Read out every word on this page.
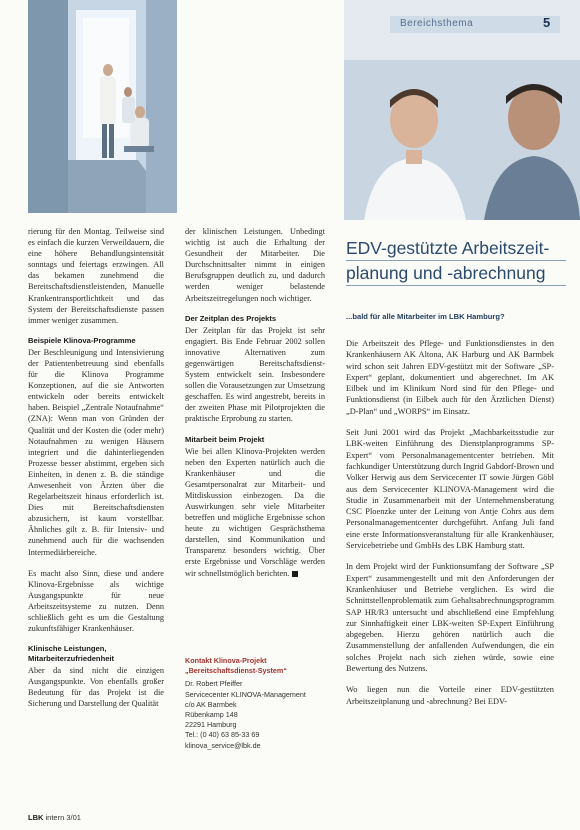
Bereichsthema	5

rierung für den Montag. Teilweise sind es einfach die kurzen Verweildauern, die eine höhere Behandlungsintensität sonntags und feiertags erzwingen. All das bekamen zunehmend die Bereitschaftsdienstleistenden, Manuelle Krankentransportlichtkeit und das System der Bereitschaftsdienste passen immer weniger zusammen.

Beispiele Klinova-Programme

Der Beschleunigung und Intensivierung der Patientenbetreuung sind ebenfalls für die Klinova Programme Konzeptionen, auf die sie Antworten entwickeln oder bereits entwickelt haben. Beispiel „Zentrale Notaufnahme“ (ZNA): Wenn man von Gründen der Qualität und der Kosten die (oder mehr) Notaufnahmen zu wenigen Häusern integriert und die dahinterliegenden Prozesse besser abstimmt, ergeben sich Einheiten, in denen z. B. die ständige Anwesenheit von Ärzten über die Regelarbeitszeit hinaus erforderlich ist. Dies mit Bereitschaftsdiensten abzusichern, ist kaum vorstellbar. Ähnliches gilt z. B. für Intensiv- und zunehmend auch für die wachsenden Intermediärbereiche.

Es macht also Sinn, diese und andere Klinova-Ergebnisse als wichtige Ausgangspunkte für neue Arbeitszeitsysteme zu nutzen. Denn schließlich geht es um die Gestaltung zukunftsfähiger Krankenhäuser.

Klinische Leistungen, Mitarbeiterzufriedenheit

Aber da sind nicht die einzigen Ausgangspunkte. Von ebenfalls großer Bedeutung für das Projekt ist die Sicherung und Darstellung der Qualität

der klinischen Leistungen. Unbedingt wichtig ist auch die Erhaltung der Gesundheit der Mitarbeiter. Die Durchschnittsalter nimmt in einigen Berufsgruppen deutlich zu, und dadurch werden weniger belastende Arbeitszeitregelungen noch wichtiger.

Der Zeitplan des Projekts

Der Zeitplan für das Projekt ist sehr engagiert. Bis Ende Februar 2002 sollen innovative Alternativen zum gegenwärtigen Bereitschaftsdienst-System entwickelt sein. Insbesondere sollen die Vorausetzungen zur Umsetzung geschaffen. Es wird angestrebt, bereits in der zweiten Phase mit Pilotprojekten die praktische Erprobung zu starten.

Mitarbeit beim Projekt

Wie bei allen Klinova-Projekten werden neben den Experten natürlich auch die Krankenhäuser und die Gesamtpersonalrat zur Mitarbeit- und Mitdiskussion einbezogen. Da die Auswirkungen sehr viele Mitarbeiter betreffen und mögliche Ergebnisse schon heute zu wichtigen Gesprächsthema darstellen, sind Kommunikation und Transparenz besonders wichtig. Über erste Ergebnisse und Vorschläge werden wir schnellstmöglich berichten.

Kontakt Klinova-Projekt
„Bereitschaftsdienst-System“
Dr. Robert Pfeiffer
Servicecenter KLINOVA-Management
c/o AK Barmbek
Rübenkamp 148
22291 Hamburg
Tel.: (0 40) 63 85-33 69
klinova_service@lbk.de
EDV-gestützte Arbeitszeit-
planung und -abrechnung
...bald für alle Mitarbeiter im LBK Hamburg?

Die Arbeitszeit des Pflege- und Funktionsdienstes in den Krankenhäusern AK Altona, AK Harburg und AK Barmbek wird schon seit Jahren EDV-gestützt mit der Software „SP-Expert“ geplant, dokumentiert und abgerechnet. Im AK Eilbek und im Klinikum Nord sind für den Pflege- und Funktionsdienst (in Eilbek auch für den Ärztlichen Dienst) „D-Plan“ und „WORPS“ im Einsatz.

Seit Juni 2001 wird das Projekt „Machbarkeitsstudie zur LBK-weiten Einführung des Dienstplanprogramms SP-Expert“ vom Personalmanagementcenter betrieben. Mit fachkundiger Unterstützung durch Ingrid Gabdorf-Brown und Volker Herwig aus dem Servicecenter IT sowie Jürgen Göbl aus dem Servicecenter KLINOVA-Management wird die Studie in Zusammenarbeit mit der Unternehmensberatung CSC Ploenzke unter der Leitung von Antje Cohrs aus dem Personalmanagementcenter durchgeführt. Anfang Juli fand eine erste Informationsveranstaltung für alle Krankenhäuser, Servicebetriebe und GmbHs des LBK Hamburg statt.

In dem Projekt wird der Funktionsumfang der Software „SP Expert“ zusammengestellt und mit den Anforderungen der Krankenhäuser und Betriebe verglichen. Es wird die Schnittstellenproblematik zum Gehaltsabrechnungsprogramm SAP HR/R3 untersucht und abschließend eine Empfehlung zur Sinnhaftigkeit einer LBK-weiten SP-Expert Einführung abgegeben. Hierzu gehören natürlich auch die Zusammenstellung der anfallenden Aufwendungen, die ein solches Projekt nach sich ziehen würde, sowie eine Bewertung des Nutzens.

Wo liegen nun die Vorteile einer EDV-gestützten Arbeitszeitplanung und -abrechnung? Bei EDV-

LBK intern 3/01
